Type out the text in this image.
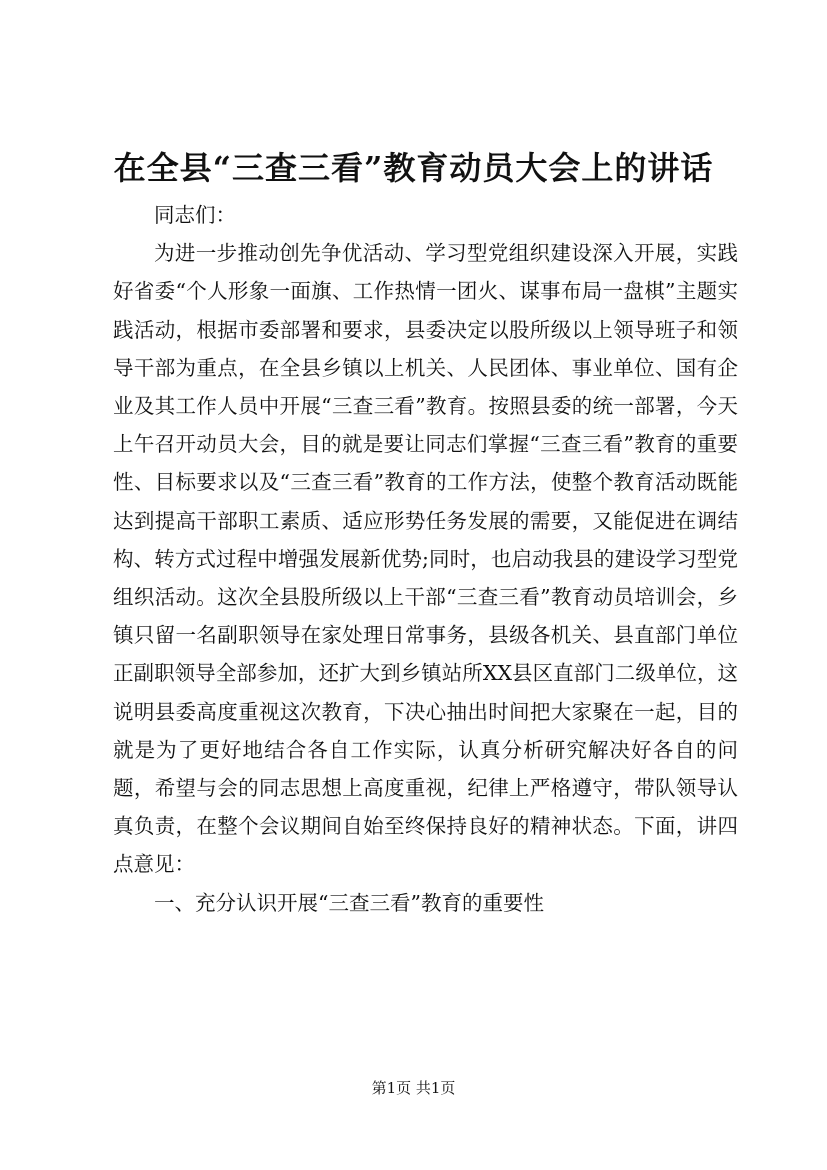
在全县“三查三看”教育动员大会上的讲话

同志们：

为进一步推动创先争优活动、学习型党组织建设深入开展，实践好省委“个人形象一面旗、工作热情一团火、谋事布局一盘棋”主题实践活动，根据市委部署和要求，县委决定以股所级以上领导班子和领导干部为重点，在全县乡镇以上机关、人民团体、事业单位、国有企业及其工作人员中开展“三查三看”教育。按照县委的统一部署，今天上午召开动员大会，目的就是要让同志们掌握“三查三看”教育的重要性、目标要求以及“三查三看”教育的工作方法，使整个教育活动既能达到提高干部职工素质、适应形势任务发展的需要，又能促进在调结构、转方式过程中增强发展新优势;同时，也启动我县的建设学习型党组织活动。这次全县股所级以上干部“三查三看”教育动员培训会，乡镇只留一名副职领导在家处理日常事务，县级各机关、县直部门单位正副职领导全部参加，还扩大到乡镇站所XX县区直部门二级单位，这说明县委高度重视这次教育，下决心抽出时间把大家聚在一起，目的就是为了更好地结合各自工作实际，认真分析研究解决好各自的问题，希望与会的同志思想上高度重视，纪律上严格遵守，带队领导认真负责，在整个会议期间自始至终保持良好的精神状态。下面，讲四点意见：

一、充分认识开展“三查三看”教育的重要性

第1页 共1页
